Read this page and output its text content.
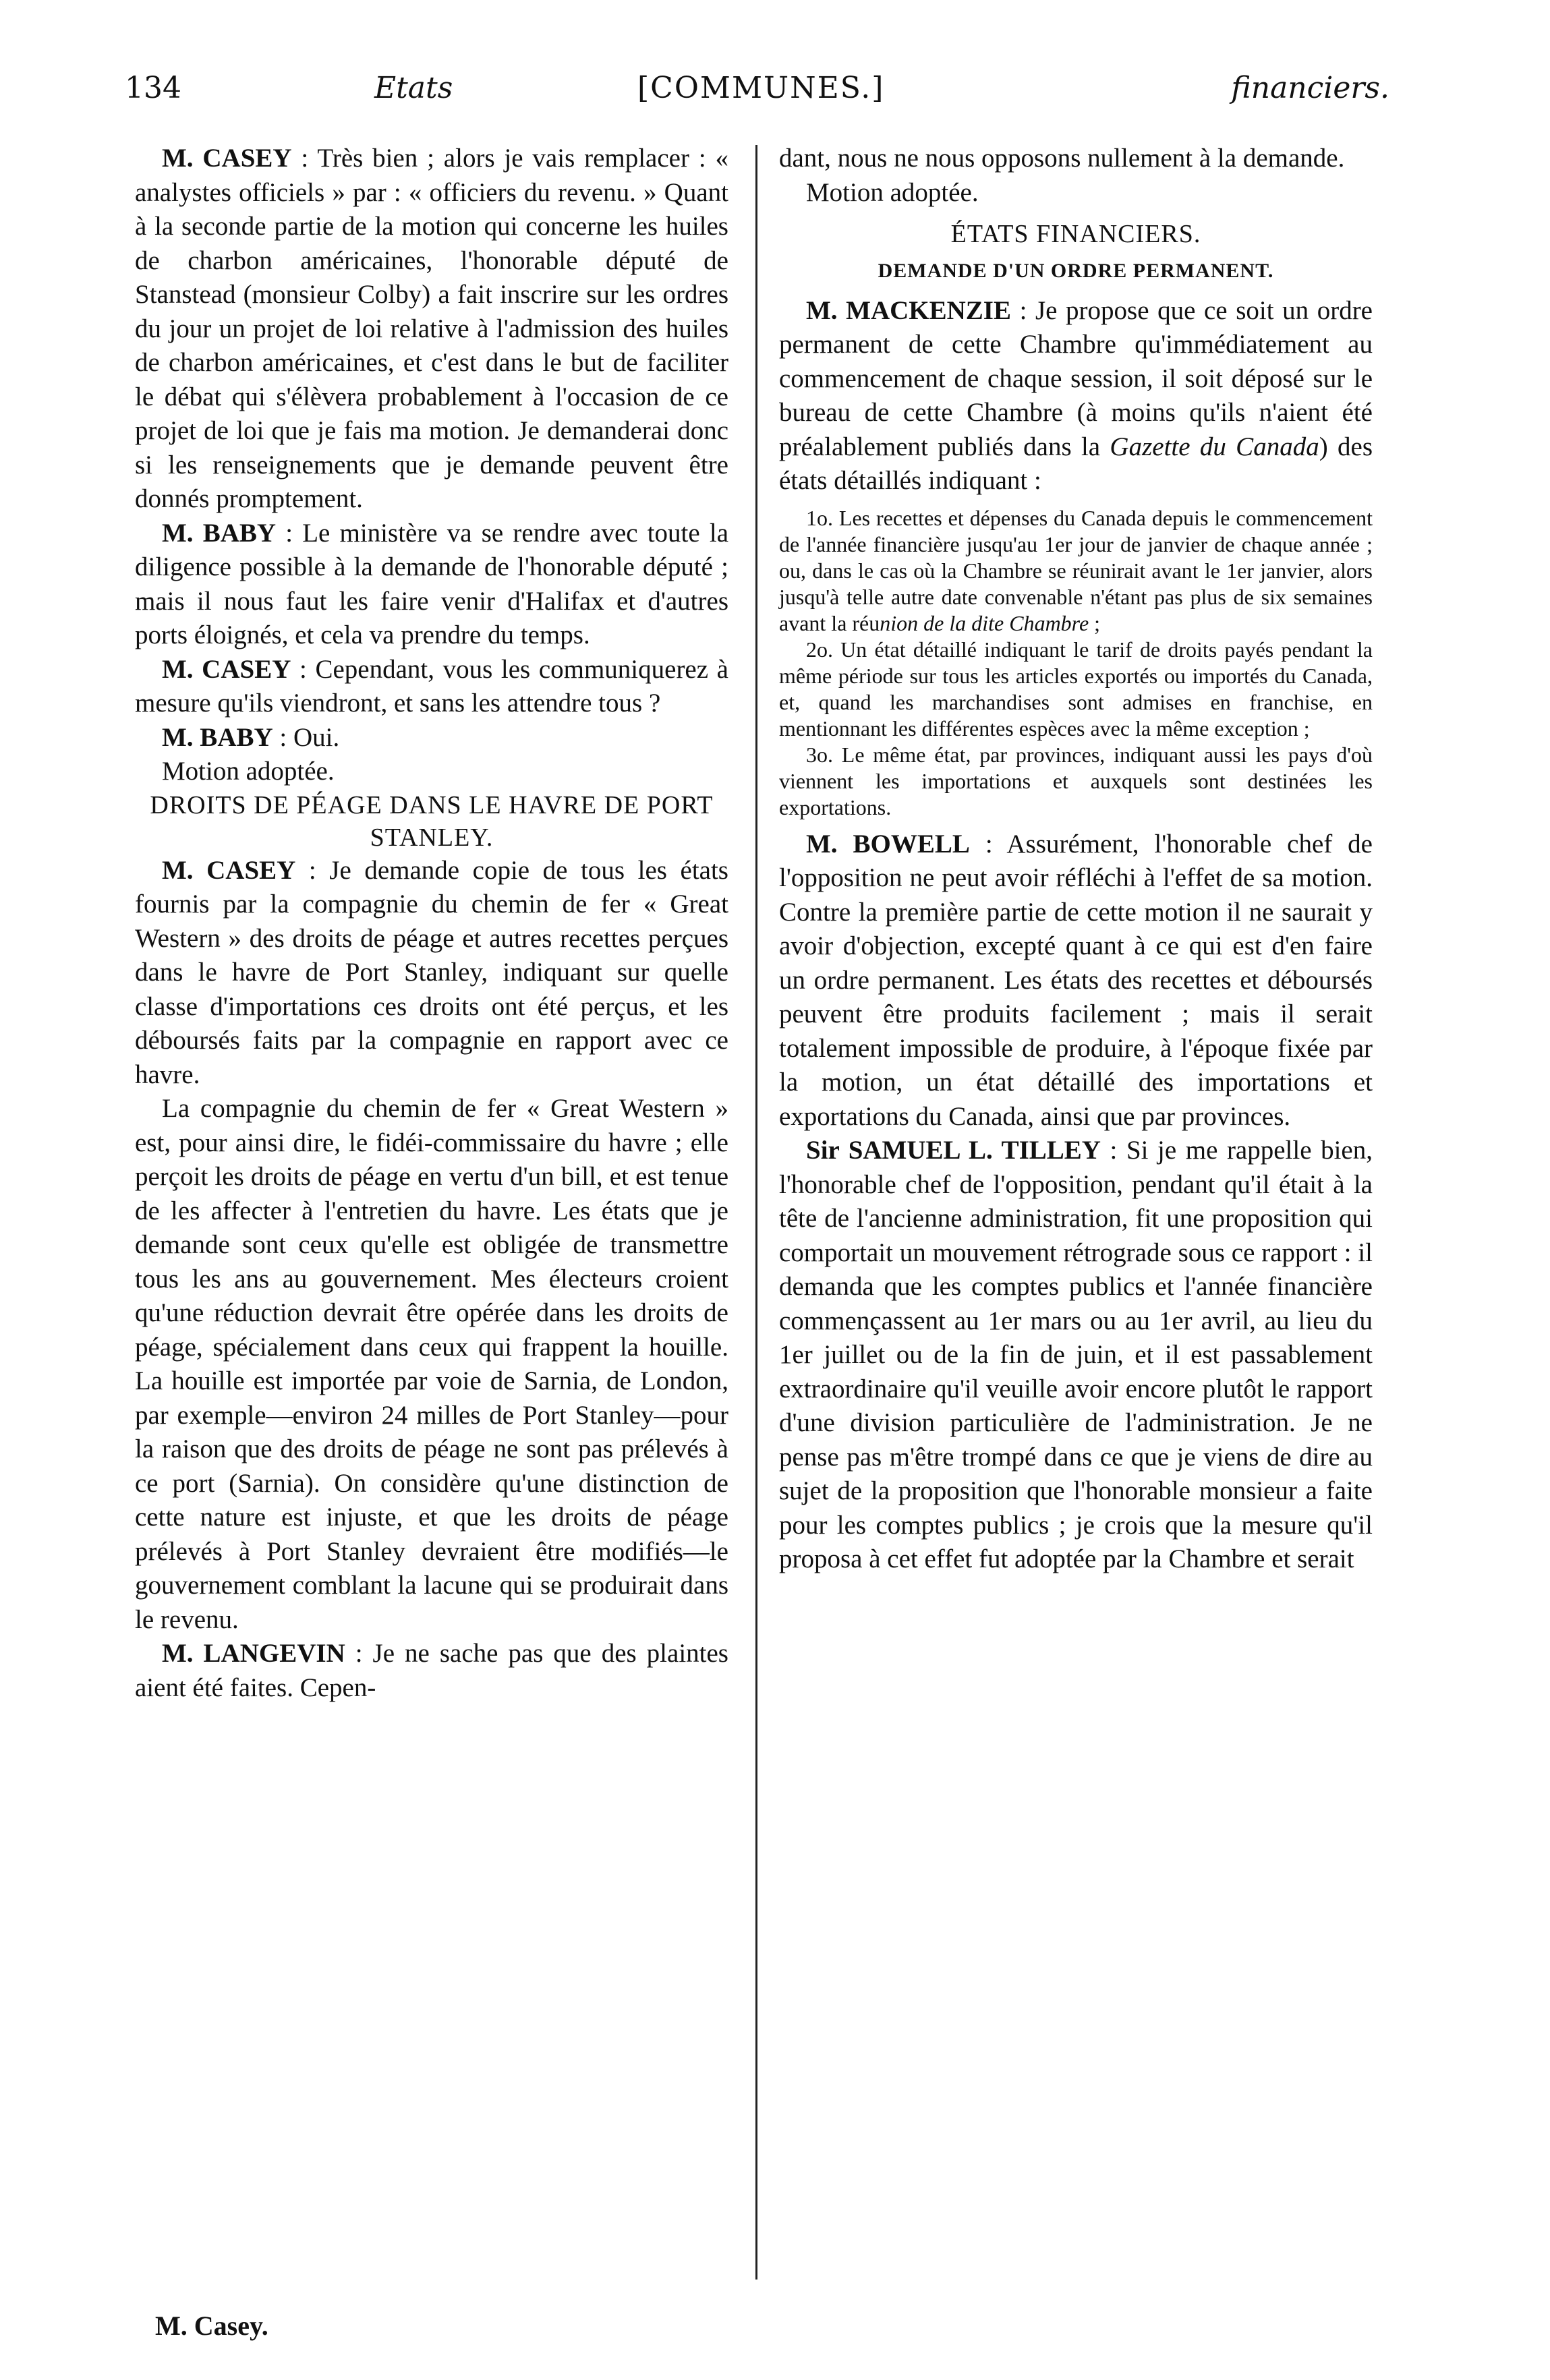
134	Etats	[COMMUNES.]	financiers.

M. CASEY : Très bien ; alors je vais remplacer : « analystes officiels » par : « officiers du revenu. » Quant à la seconde partie de la motion qui concerne les huiles de charbon américaines, l'honorable député de Stanstead (monsieur Colby) a fait inscrire sur les ordres du jour un projet de loi relative à l'admission des huiles de charbon américaines, et c'est dans le but de faciliter le débat qui s'élèvera probablement à l'occasion de ce projet de loi que je fais ma motion. Je demanderai donc si les renseignements que je demande peuvent être donnés promptement.

M. BABY : Le ministère va se rendre avec toute la diligence possible à la demande de l'honorable député ; mais il nous faut les faire venir d'Halifax et d'autres ports éloignés, et cela va prendre du temps.

M. CASEY : Cependant, vous les communiquerez à mesure qu'ils viendront, et sans les attendre tous ?

M. BABY : Oui.

Motion adoptée.

DROITS DE PÉAGE DANS LE HAVRE DE PORT STANLEY.

M. CASEY : Je demande copie de tous les états fournis par la compagnie du chemin de fer « Great Western » des droits de péage et autres recettes perçues dans le havre de Port Stanley, indiquant sur quelle classe d'importations ces droits ont été perçus, et les déboursés faits par la compagnie en rapport avec ce havre.

La compagnie du chemin de fer « Great Western » est, pour ainsi dire, le fidéi-commissaire du havre ; elle perçoit les droits de péage en vertu d'un bill, et est tenue de les affecter à l'entretien du havre. Les états que je demande sont ceux qu'elle est obligée de transmettre tous les ans au gouvernement. Mes électeurs croient qu'une réduction devrait être opérée dans les droits de péage, spécialement dans ceux qui frappent la houille. La houille est importée par voie de Sarnia, de London, par exemple—environ 24 milles de Port Stanley—pour la raison que des droits de péage ne sont pas prélevés à ce port (Sarnia). On considère qu'une distinction de cette nature est injuste, et que les droits de péage prélevés à Port Stanley devraient être modifiés—le gouvernement comblant la lacune qui se produirait dans le revenu.

M. LANGEVIN : Je ne sache pas que des plaintes aient été faites. Cepen-

dant, nous ne nous opposons nullement à la demande.

Motion adoptée.

ÉTATS FINANCIERS.

DEMANDE D'UN ORDRE PERMANENT.

M. MACKENZIE : Je propose que ce soit un ordre permanent de cette Chambre qu'immédiatement au commencement de chaque session, il soit déposé sur le bureau de cette Chambre (à moins qu'ils n'aient été préalablement publiés dans la Gazette du Canada) des états détaillés indiquant :

1o. Les recettes et dépenses du Canada depuis le commencement de l'année financière jusqu'au 1er jour de janvier de chaque année ; ou, dans le cas où la Chambre se réunirait avant le 1er janvier, alors jusqu'à telle autre date convenable n'étant pas plus de six semaines avant la réunion de la dite Chambre ;

2o. Un état détaillé indiquant le tarif de droits payés pendant la même période sur tous les articles exportés ou importés du Canada, et, quand les marchandises sont admises en franchise, en mentionnant les différentes espèces avec la même exception ;

3o. Le même état, par provinces, indiquant aussi les pays d'où viennent les importations et auxquels sont destinées les exportations.

M. BOWELL : Assurément, l'honorable chef de l'opposition ne peut avoir réfléchi à l'effet de sa motion. Contre la première partie de cette motion il ne saurait y avoir d'objection, excepté quant à ce qui est d'en faire un ordre permanent. Les états des recettes et déboursés peuvent être produits facilement ; mais il serait totalement impossible de produire, à l'époque fixée par la motion, un état détaillé des importations et exportations du Canada, ainsi que par provinces.

Sir SAMUEL L. TILLEY : Si je me rappelle bien, l'honorable chef de l'opposition, pendant qu'il était à la tête de l'ancienne administration, fit une proposition qui comportait un mouvement rétrograde sous ce rapport : il demanda que les comptes publics et l'année financière commençassent au 1er mars ou au 1er avril, au lieu du 1er juillet ou de la fin de juin, et il est passablement extraordinaire qu'il veuille avoir encore plutôt le rapport d'une division particulière de l'administration. Je ne pense pas m'être trompé dans ce que je viens de dire au sujet de la proposition que l'honorable monsieur a faite pour les comptes publics ; je crois que la mesure qu'il proposa à cet effet fut adoptée par la Chambre et serait

M. Casey.
